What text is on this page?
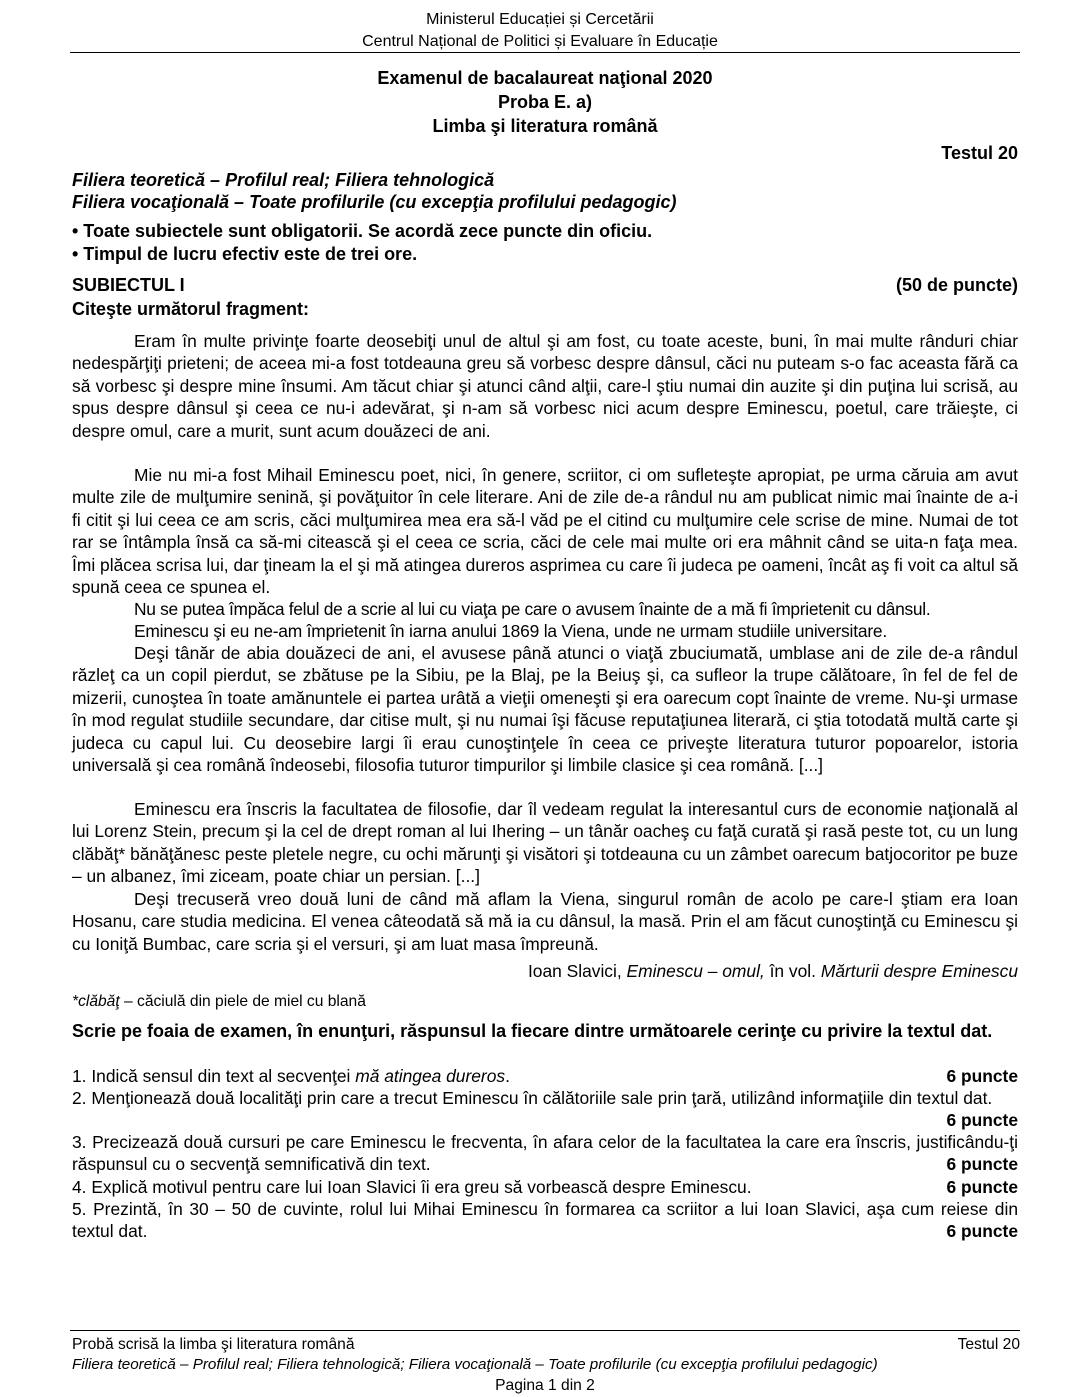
Ministerul Educației și Cercetării
Centrul Național de Politici și Evaluare în Educație
Examenul de bacalaureat naţional 2020
Proba E. a)
Limba şi literatura română
Testul 20
Filiera teoretică – Profilul real; Filiera tehnologică
Filiera vocaţională – Toate profilurile (cu excepţia profilului pedagogic)
• Toate subiectele sunt obligatorii. Se acordă zece puncte din oficiu.
• Timpul de lucru efectiv este de trei ore.
SUBIECTUL I	(50 de puncte)
Citeşte următorul fragment:
Eram în multe privinţe foarte deosebiţi unul de altul şi am fost, cu toate aceste, buni, în mai multe rânduri chiar nedespărţiţi prieteni; de aceea mi-a fost totdeauna greu să vorbesc despre dânsul, căci nu puteam s-o fac aceasta fără ca să vorbesc şi despre mine însumi. Am tăcut chiar şi atunci când alţii, care-l ştiu numai din auzite şi din puţina lui scrisă, au spus despre dânsul şi ceea ce nu-i adevărat, şi n-am să vorbesc nici acum despre Eminescu, poetul, care trăieşte, ci despre omul, care a murit, sunt acum douăzeci de ani.
Mie nu mi-a fost Mihail Eminescu poet, nici, în genere, scriitor, ci om sufleteşte apropiat, pe urma căruia am avut multe zile de mulţumire senină, şi povăţuitor în cele literare. Ani de zile de-a rândul nu am publicat nimic mai înainte de a-i fi citit şi lui ceea ce am scris, căci mulţumirea mea era să-l văd pe el citind cu mulţumire cele scrise de mine. Numai de tot rar se întâmpla însă ca să-mi citească şi el ceea ce scria, căci de cele mai multe ori era mâhnit când se uita-n faţa mea. Îmi plăcea scrisa lui, dar ţineam la el şi mă atingea dureros asprimea cu care îi judeca pe oameni, încât aş fi voit ca altul să spună ceea ce spunea el.
Nu se putea împăca felul de a scrie al lui cu viaţa pe care o avusem înainte de a mă fi împrietenit cu dânsul.
Eminescu şi eu ne-am împrietenit în iarna anului 1869 la Viena, unde ne urmam studiile universitare.
Deşi tânăr de abia douăzeci de ani, el avusese până atunci o viaţă zbuciumată, umblase ani de zile de-a rândul răzleţ ca un copil pierdut, se zbătuse pe la Sibiu, pe la Blaj, pe la Beiuş şi, ca sufleor la trupe călătoare, în fel de fel de mizerii, cunoştea în toate amănuntele ei partea urâtă a vieţii omeneşti şi era oarecum copt înainte de vreme. Nu-şi urmase în mod regulat studiile secundare, dar citise mult, şi nu numai îşi făcuse reputaţiunea literară, ci ştia totodată multă carte şi judeca cu capul lui. Cu deosebire largi îi erau cunoştinţele în ceea ce priveşte literatura tuturor popoarelor, istoria universală şi cea română îndeosebi, filosofia tuturor timpurilor şi limbile clasice şi cea română. [...]
Eminescu era înscris la facultatea de filosofie, dar îl vedeam regulat la interesantul curs de economie naţională al lui Lorenz Stein, precum şi la cel de drept roman al lui Ihering – un tânăr oacheş cu faţă curată şi rasă peste tot, cu un lung clăbăţ* bănăţănesc peste pletele negre, cu ochi mărunţi şi visători şi totdeauna cu un zâmbet oarecum batjocoritor pe buze – un albanez, îmi ziceam, poate chiar un persian. [...]
Deşi trecuseră vreo două luni de când mă aflam la Viena, singurul român de acolo pe care-l ştiam era Ioan Hosanu, care studia medicina. El venea câteodată să mă ia cu dânsul, la masă. Prin el am făcut cunoştinţă cu Eminescu şi cu Ioniţă Bumbac, care scria şi el versuri, şi am luat masa împreună.
Ioan Slavici, Eminescu – omul, în vol. Mărturii despre Eminescu
*clăbăţ – căciulă din piele de miel cu blană
Scrie pe foaia de examen, în enunţuri, răspunsul la fiecare dintre următoarele cerinţe cu privire la textul dat.
1. Indică sensul din text al secvenţei mă atingea dureros.	6 puncte
2. Menţionează două localităţi prin care a trecut Eminescu în călătoriile sale prin ţară, utilizând informaţiile din textul dat.
6 puncte
3. Precizează două cursuri pe care Eminescu le frecventa, în afara celor de la facultatea la care era înscris, justificându-ţi răspunsul cu o secvenţă semnificativă din text.	6 puncte
4. Explică motivul pentru care lui Ioan Slavici îi era greu să vorbească despre Eminescu.	6 puncte
5. Prezintă, în 30 – 50 de cuvinte, rolul lui Mihai Eminescu în formarea ca scriitor a lui Ioan Slavici, aşa cum reiese din textul dat.	6 puncte
Probă scrisă la limba şi literatura română	Testul 20
Filiera teoretică – Profilul real; Filiera tehnologică; Filiera vocaţională – Toate profilurile (cu excepţia profilului pedagogic)
Pagina 1 din 2
